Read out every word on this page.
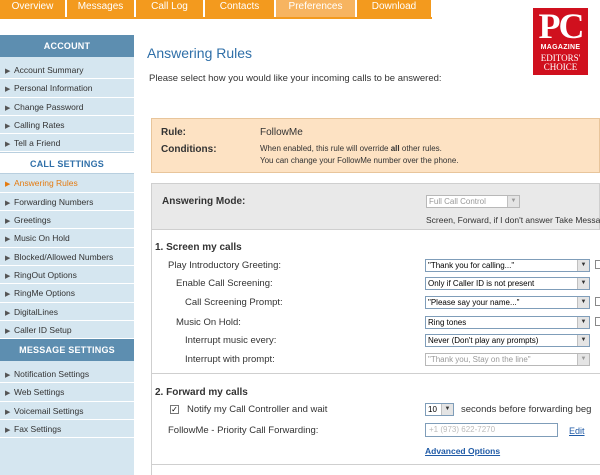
Overview	Messages	Call Log	Contacts	Preferences	Download
ACCOUNT
▶ Account Summary
▶ Personal Information
▶ Change Password
▶ Calling Rates
▶ Tell a Friend
CALL SETTINGS
▶ Answering Rules
▶ Forwarding Numbers
▶ Greetings
▶ Music On Hold
▶ Blocked/Allowed Numbers
▶ RingOut Options
▶ RingMe Options
▶ DigitalLines
▶ Caller ID Setup
MESSAGE SETTINGS
▶ Notification Settings
▶ Web Settings
▶ Voicemail Settings
▶ Fax Settings
Answering Rules
Please select how you would like your incoming calls to be answered:
PC
MAGAZINE
EDITORS'
CHOICE
Rule:	FollowMe
Conditions:	When enabled, this rule will override all other rules.
You can change your FollowMe number over the phone.
Answering Mode:	Full Call Control	▼
Screen, Forward, if I don't answer Take Messa
1. Screen my calls
Play Introductory Greeting:	"Thank you for calling..."	▼
Enable Call Screening:	Only if Caller ID is not present	▼
Call Screening Prompt:	"Please say your name..."	▼
Music On Hold:	Ring tones	▼
Interrupt music every:	Never (Don't play any prompts)	▼
Interrupt with prompt:	"Thank you, Stay on the line"	▼
2. Forward my calls
✓ Notify my Call Controller and wait	10	▼ seconds before forwarding beg
FollowMe - Priority Call Forwarding:	+1 (973) 622-7270	Edit
Advanced Options
